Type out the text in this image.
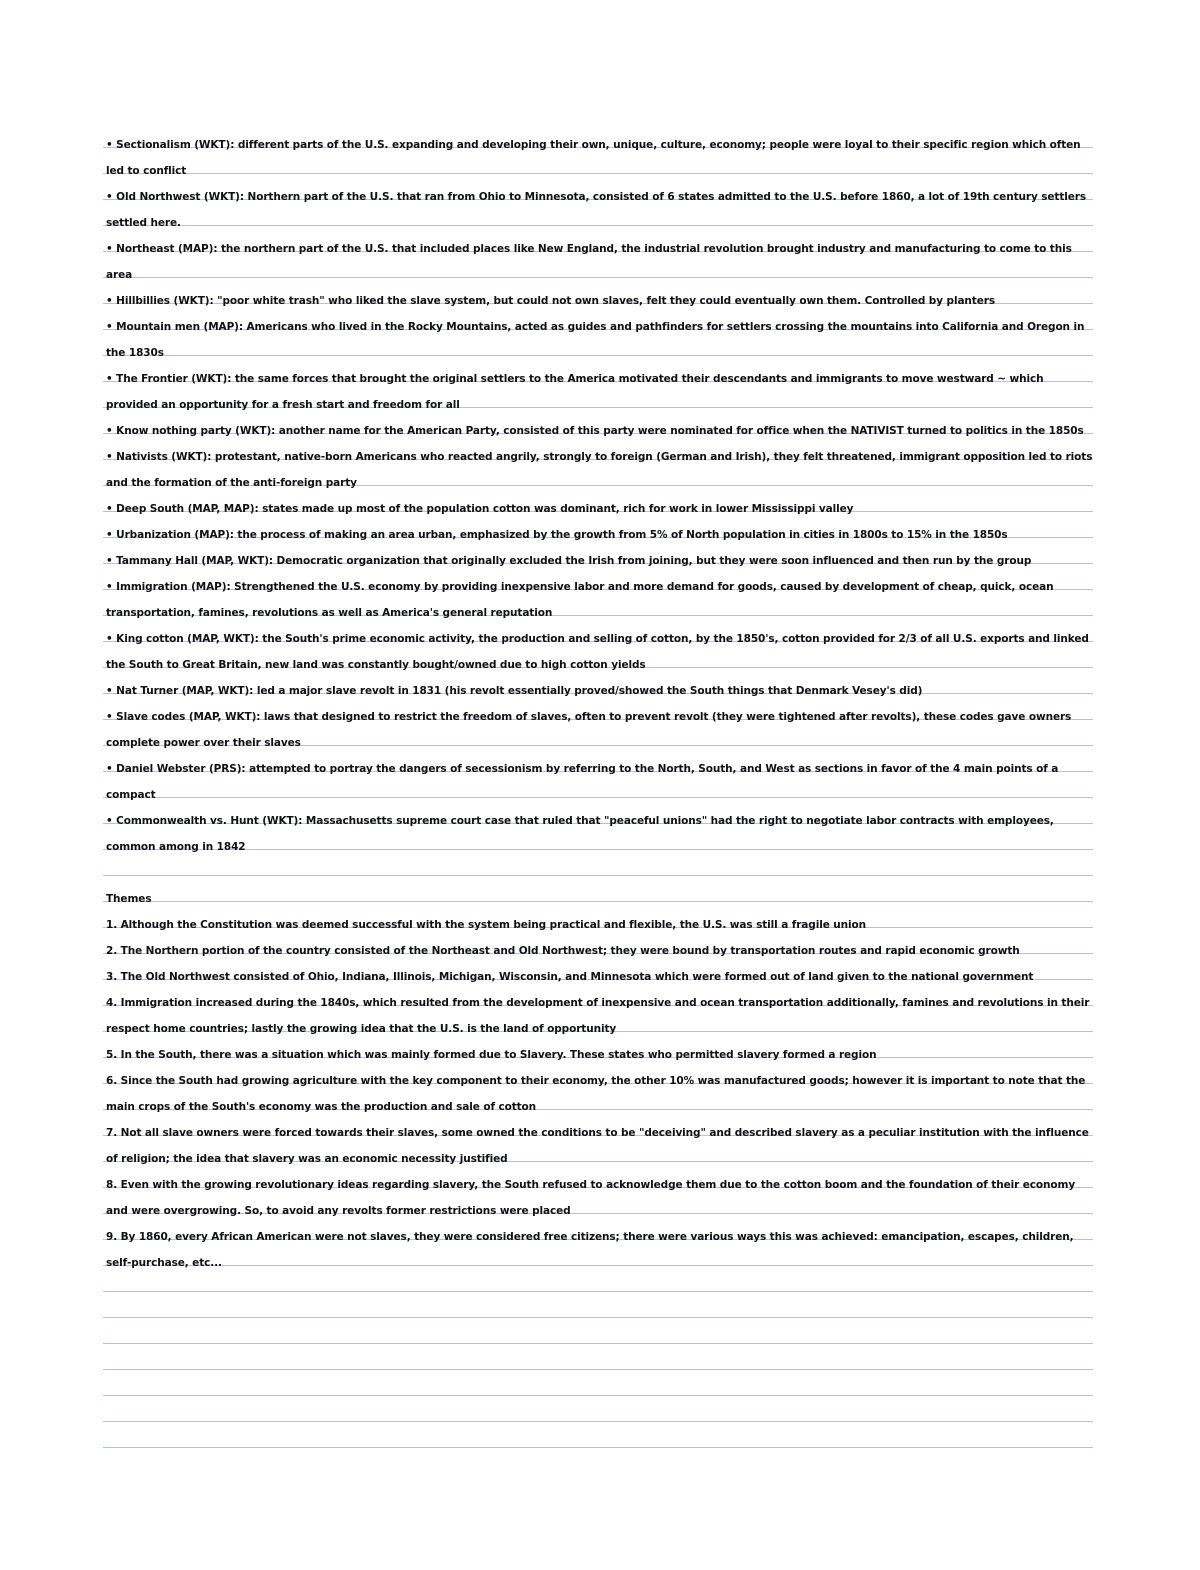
• Sectionalism (WKT): different parts of the U.S. expanding and developing their own, unique, culture, economy; people were loyal to their specific region which often led to conflict

• Old Northwest (WKT): Northern part of the U.S. that ran from Ohio to Minnesota, consisted of 6 states admitted to the U.S. before 1860, a lot of 19th century settlers settled here.

• Northeast (MAP): the northern part of the U.S. that included places like New England, the industrial revolution brought industry and manufacturing to come to this area

• Hillbillies (WKT): "poor white trash" who liked the slave system, but could not own slaves, felt they could eventually own them. Controlled by planters

• Mountain men (MAP): Americans who lived in the Rocky Mountains, acted as guides and pathfinders for settlers crossing the mountains into California and Oregon in the 1830s

• The Frontier (WKT): the same forces that brought the original settlers to the America motivated their descendants and immigrants to move westward ~ which provided an opportunity for a fresh start and freedom for all

• Know nothing party (WKT): another name for the American Party, consisted of this party were nominated for office when the NATIVIST turned to politics in the 1850s

• Nativists (WKT): protestant, native-born Americans who reacted angrily, strongly to foreign (German and Irish), they felt threatened, immigrant opposition led to riots and the formation of the anti-foreign party

• Deep South (MAP, MAP): states made up most of the population cotton was dominant, rich for work in lower Mississippi valley

• Urbanization (MAP): the process of making an area urban, emphasized by the growth from 5% of North population in cities in 1800s to 15% in the 1850s

• Tammany Hall (MAP, WKT): Democratic organization that originally excluded the Irish from joining, but they were soon influenced and then run by the group

• Immigration (MAP): Strengthened the U.S. economy by providing inexpensive labor and more demand for goods, caused by development of cheap, quick, ocean transportation, famines, revolutions as well as America's general reputation

• King cotton (MAP, WKT): the South's prime economic activity, the production and selling of cotton, by the 1850's, cotton provided for 2/3 of all U.S. exports and linked the South to Great Britain, new land was constantly bought/owned due to high cotton yields

• Nat Turner (MAP, WKT): led a major slave revolt in 1831 (his revolt essentially proved/showed the South things that Denmark Vesey's did)

• Slave codes (MAP, WKT): laws that designed to restrict the freedom of slaves, often to prevent revolt (they were tightened after revolts), these codes gave owners complete power over their slaves

• Daniel Webster (PRS): attempted to portray the dangers of secessionism by referring to the North, South, and West as sections in favor of the 4 main points of a compact

• Commonwealth vs. Hunt (WKT): Massachusetts supreme court case that ruled that "peaceful unions" had the right to negotiate labor contracts with employees, common among in 1842

Themes

1. Although the Constitution was deemed successful with the system being practical and flexible, the U.S. was still a fragile union

2. The Northern portion of the country consisted of the Northeast and Old Northwest; they were bound by transportation routes and rapid economic growth

3. The Old Northwest consisted of Ohio, Indiana, Illinois, Michigan, Wisconsin, and Minnesota which were formed out of land given to the national government

4. Immigration increased during the 1840s, which resulted from the development of inexpensive and ocean transportation additionally, famines and revolutions in their respect home countries; lastly the growing idea that the U.S. is the land of opportunity

5. In the South, there was a situation which was mainly formed due to Slavery. These states who permitted slavery formed a region

6. Since the South had growing agriculture with the key component to their economy, the other 10% was manufactured goods; however it is important to note that the main crops of the South's economy was the production and sale of cotton

7. Not all slave owners were forced towards their slaves, some owned the conditions to be "deceiving" and described slavery as a peculiar institution with the influence of religion; the idea that slavery was an economic necessity justified

8. Even with the growing revolutionary ideas regarding slavery, the South refused to acknowledge them due to the cotton boom and the foundation of their economy and were overgrowing. So, to avoid any revolts former restrictions were placed

9. By 1860, every African American were not slaves, they were considered free citizens; there were various ways this was achieved: emancipation, escapes, children, self-purchase, etc...
